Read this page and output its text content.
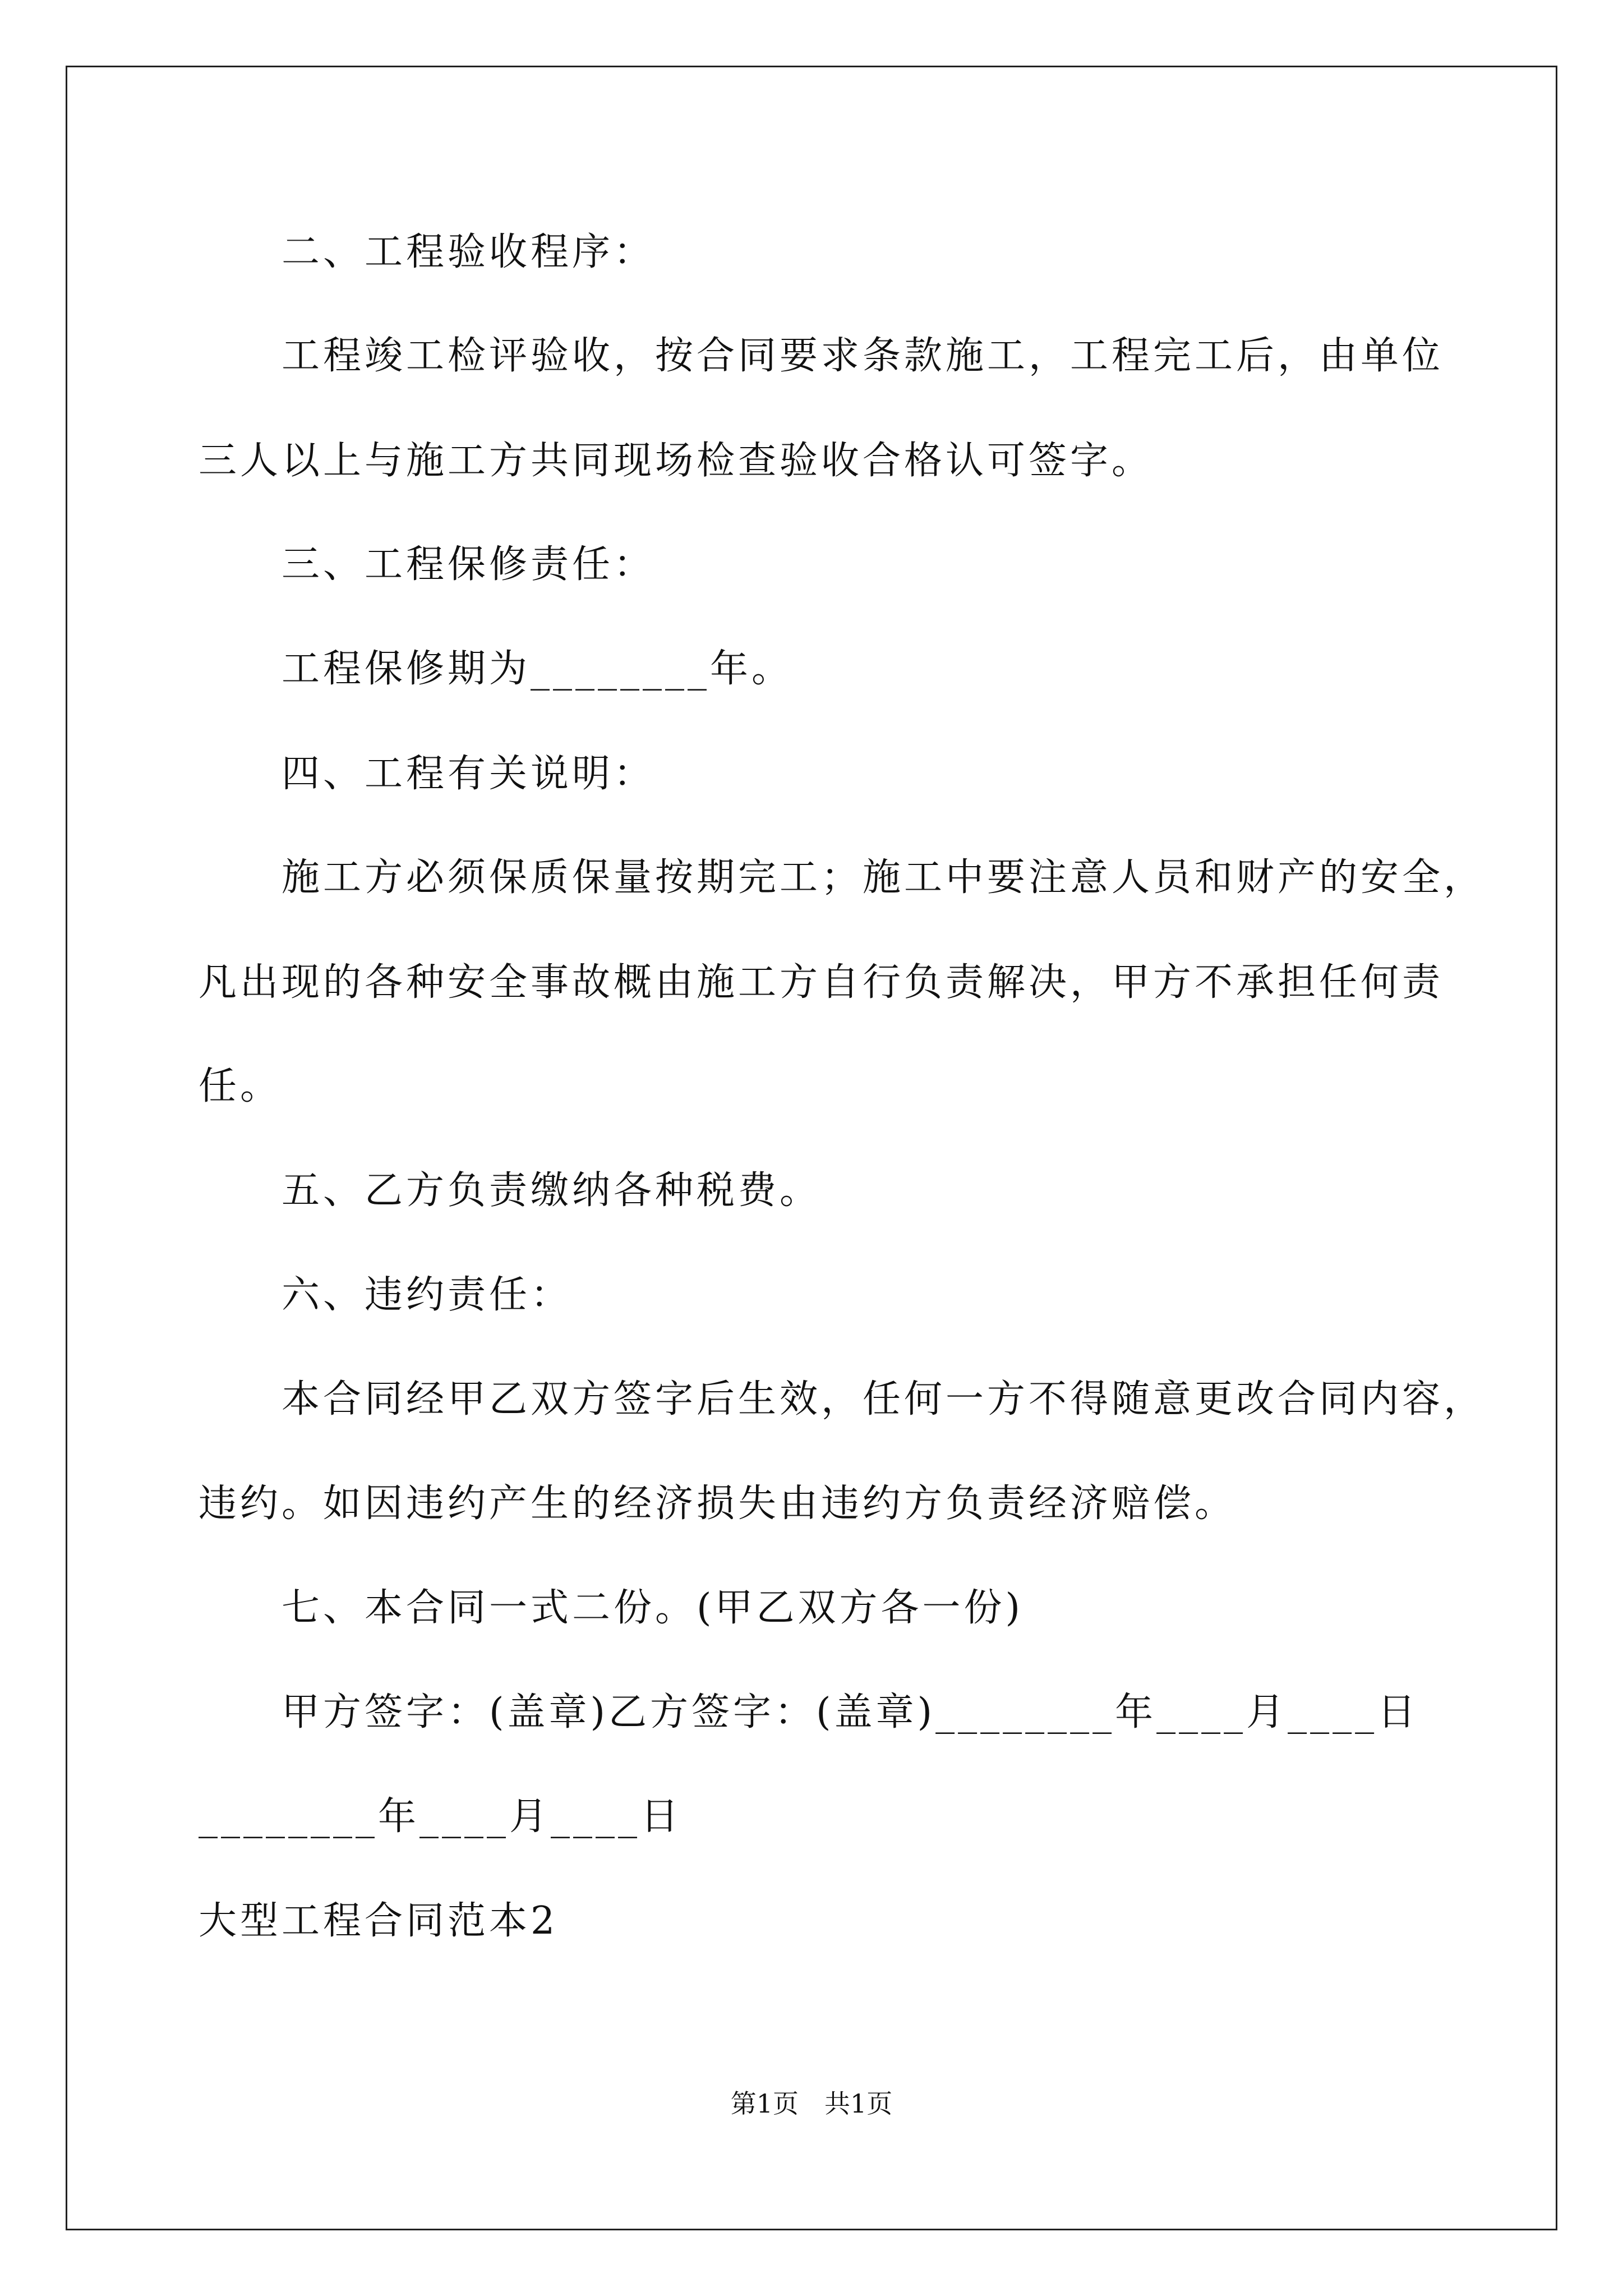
二、工程验收程序：
工程竣工检评验收，按合同要求条款施工，工程完工后，由单位
三人以上与施工方共同现场检查验收合格认可签字。
三、工程保修责任：
工程保修期为________年。
四、工程有关说明：
施工方必须保质保量按期完工；施工中要注意人员和财产的安全，
凡出现的各种安全事故概由施工方自行负责解决，甲方不承担任何责
任。
五、乙方负责缴纳各种税费。
六、违约责任：
本合同经甲乙双方签字后生效，任何一方不得随意更改合同内容，
违约。如因违约产生的经济损失由违约方负责经济赔偿。
七、本合同一式二份。(甲乙双方各一份)
甲方签字：(盖章)乙方签字：(盖章)________年____月____日
________年____月____日
大型工程合同范本2
第1页　共1页
